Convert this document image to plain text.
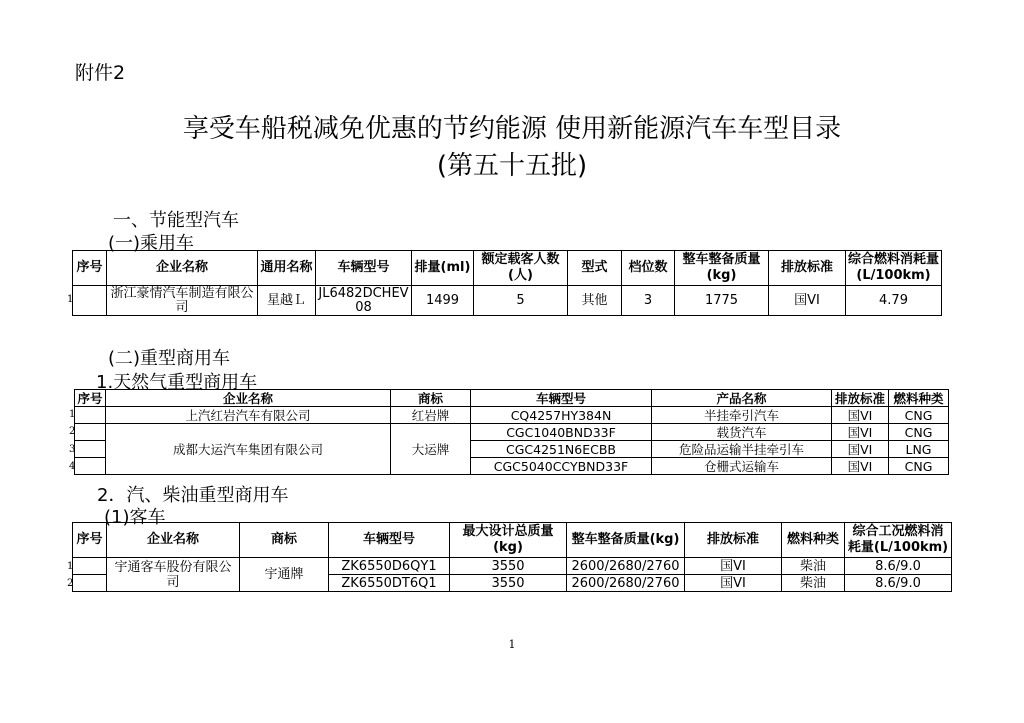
附件2
享受车船税减免优惠的节约能源 使用新能源汽车车型目录
(第五十五批)
一、节能型汽车
(一)乘用车
序号	企业名称	通用名称	车辆型号	排量(ml)	额定载客人数(人)	型式	档位数	整车整备质量(kg)	排放标准	综合燃料消耗量(L/100km)
	浙江豪情汽车制造有限公司	星越Ｌ	JL6482DCHEV08	1499	5	其他	3	1775	国VI	4.79
1
(二)重型商用车
1.天然气重型商用车
序号	企业名称	商标	车辆型号	产品名称	排放标准	燃料种类
	上汽红岩汽车有限公司	红岩牌	CQ4257HY384N	半挂牵引汽车	国VI	CNG
	成都大运汽车集团有限公司	大运牌	CGC1040BND33F	载货汽车	国VI	CNG
			CGC4251N6ECBB	危险品运输半挂牵引车	国VI	LNG
			CGC5040CCYBND33F	仓栅式运输车	国VI	CNG
1
2
3
4
2．汽、柴油重型商用车
(1)客车
序号	企业名称	商标	车辆型号	最大设计总质量(kg)	整车整备质量(kg)	排放标准	燃料种类	综合工况燃料消耗量(L/100km)
	宇通客车股份有限公司	宇通牌	ZK6550D6QY1	3550	2600/2680/2760	国VI	柴油	8.6/9.0
			ZK6550DT6Q1	3550	2600/2680/2760	国VI	柴油	8.6/9.0
1
2
1
